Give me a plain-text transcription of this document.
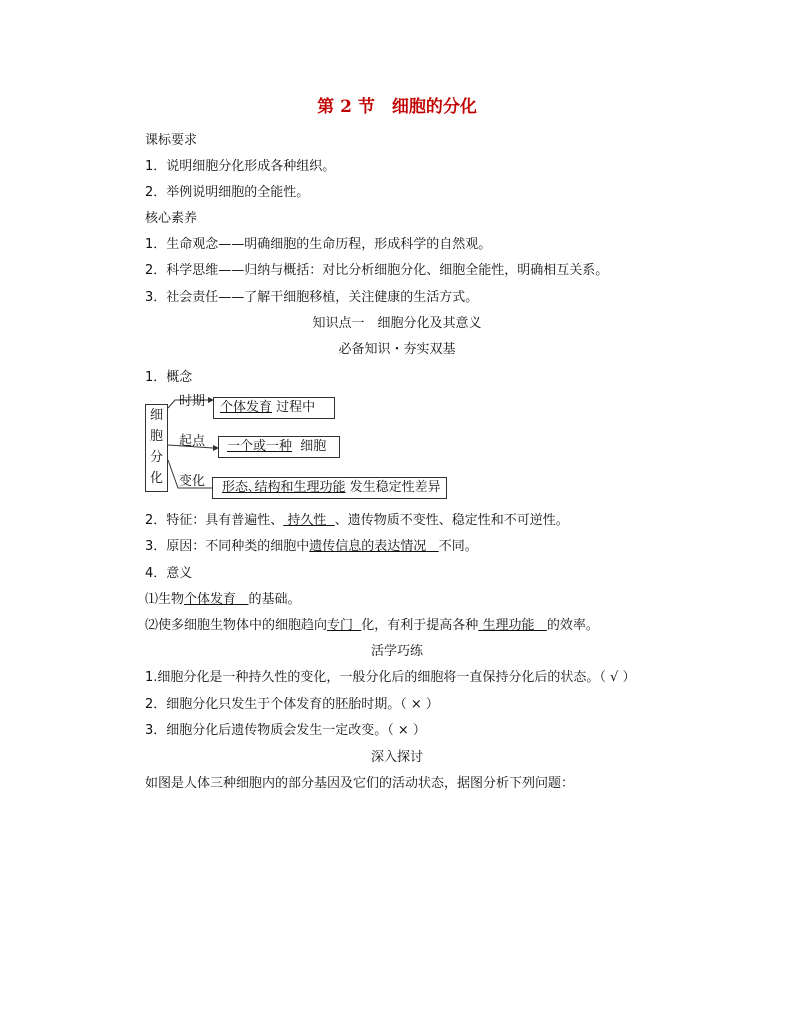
第 2 节　细胞的分化
课标要求
1．说明细胞分化形成各种组织。
2．举例说明细胞的全能性。
核心素养
1．生命观念——明确细胞的生命历程，形成科学的自然观。
2．科学思维——归纳与概括：对比分析细胞分化、细胞全能性，明确相互关系。
3．社会责任——了解干细胞移植，关注健康的生活方式。
知识点一　细胞分化及其意义
必备知识・夯实双基
1．概念
细
胞
分
化
时期
起点
变化
个体发育 过程中
一个或一种 细胞
形态､结构和生理功能 发生稳定性差异
2．特征：具有普遍性、 持久性 、遗传物质不变性、稳定性和不可逆性。
3．原因：不同种类的细胞中遗传信息的表达情况 不同。
4．意义
⑴生物个体发育 的基础。
⑵使多细胞生物体中的细胞趋向专门 化，有利于提高各种 生理功能 的效率。
活学巧练
1.细胞分化是一种持久性的变化，一般分化后的细胞将一直保持分化后的状态。（ √ ）
2．细胞分化只发生于个体发育的胚胎时期。（ × ）
3．细胞分化后遗传物质会发生一定改变。（ × ）
深入探讨
如图是人体三种细胞内的部分基因及它们的活动状态，据图分析下列问题：
